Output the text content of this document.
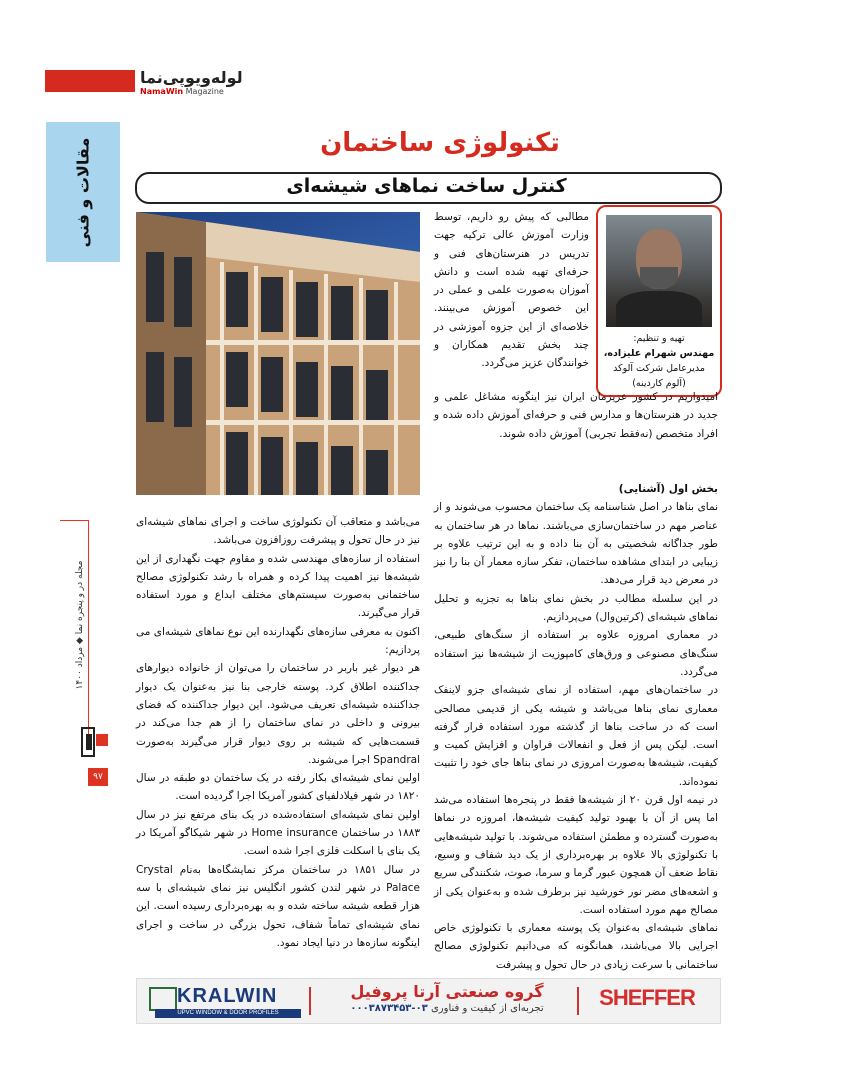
لوله‌ویوپی‌نما
NamaWin Magazine
مقالات و فنی
مجله در و پنجره نما ◆ مرداد ۱۴۰۰
۹۷
تکنولوژی ساختمان
کنترل ساخت نماهای شیشه‌ای
تهیه و تنظیم:
مهندس شهرام علیزاده،
مدیرعامل شرکت آلوکد
(آلوم کاردینه)

مطالبی که پیش رو داریم، توسط وزارت آموزش عالی ترکیه جهت تدریس در هنرستان‌های فنی و حرفه‌ای تهیه شده است و دانش آموزان به‌صورت علمی و عملی در این خصوص آموزش می‌بینند. خلاصه‌ای از این جزوه آموزشی در چند بخش تقدیم همکاران و خوانندگان عزیز می‌گردد.

امیدواریم در کشور عزیزمان ایران نیز اینگونه مشاغل علمی و جدید در هنرستان‌ها و مدارس فنی و حرفه‌ای آموزش داده شده و افراد متخصص (نه‌فقط تجربی) آموزش داده شوند.

بخش اول (آشنایی)

نمای بناها در اصل شناسنامه یک ساختمان محسوب می‌شوند و از عناصر مهم در ساختمان‌سازی می‌باشند. نماها در هر ساختمان به طور جداگانه شخصیتی به آن بنا داده و به این ترتیب علاوه بر زیبایی در ابتدای مشاهده ساختمان، تفکر سازه معمار آن بنا را نیز در معرض دید قرار می‌دهد.

در این سلسله مطالب در بخش نمای بناها به تجزیه و تحلیل نماهای شیشه‌ای (کرتین‌وال) می‌پردازیم.

در معماری امروزه علاوه بر استفاده از سنگ‌های طبیعی، سنگ‌های مصنوعی و ورق‌های کامپوزیت از شیشه‌ها نیز استفاده می‌گردد.

در ساختمان‌های مهم، استفاده از نمای شیشه‌ای جزو لاینفک معماری نمای بناها می‌باشد و شیشه یکی از قدیمی مصالحی است که در ساخت بناها از گذشته مورد استفاده قرار گرفته است. لیکن پس از فعل و انفعالات فراوان و افزایش کمیت و کیفیت، شیشه‌ها به‌صورت امروزی در نمای بناها جای خود را تثبیت نموده‌اند.

در نیمه اول قرن ۲۰ از شیشه‌ها فقط در پنجره‌ها استفاده می‌شد اما پس از آن با بهبود تولید کیفیت شیشه‌ها، امروزه در نماها به‌صورت گسترده و مطمئن استفاده می‌شوند. با تولید شیشه‌هایی با تکنولوژی بالا علاوه بر بهره‌برداری از یک دید شفاف و وسیع، نقاط ضعف آن همچون عبور گرما و سرما، صوت، شکنندگی سریع و اشعه‌های مضر نور خورشید نیز برطرف شده و به‌عنوان یکی از مصالح مهم مورد استفاده است.

نماهای شیشه‌ای به‌عنوان یک پوسته معماری با تکنولوژی خاص اجرایی بالا می‌باشند، همانگونه که می‌دانیم تکنولوژی مصالح ساختمانی با سرعت زیادی در حال تحول و پیشرفت

می‌باشد و متعاقب آن تکنولوژی ساخت و اجرای نماهای شیشه‌ای نیز در حال تحول و پیشرفت روزافزون می‌باشد.

استفاده از سازه‌های مهندسی شده و مقاوم جهت نگهداری از این شیشه‌ها نیز اهمیت پیدا کرده و همراه با رشد تکنولوژی مصالح ساختمانی به‌صورت سیستم‌های مختلف ابداع و مورد استفاده قرار می‌گیرند.

اکنون به معرفی سازه‌های نگهدارنده این نوع نماهای شیشه‌ای می پردازیم:

هر دیوار غیر باربر در ساختمان را می‌توان از خانواده دیوارهای جداکننده اطلاق کرد. پوسته خارجی بنا نیز به‌عنوان یک دیوار جداکننده شیشه‌ای تعریف می‌شود. این دیوار جداکننده که فضای بیرونی و داخلی در نمای ساختمان را از هم جدا می‌کند در قسمت‌هایی که شیشه بر روی دیوار قرار می‌گیرند به‌صورت Spandral اجرا می‌شوند.

اولین نمای شیشه‌ای بکار رفته در یک ساختمان دو طبقه در سال ۱۸۲۰ در شهر فیلادلفیای کشور آمریکا اجرا گردیده است.

اولین نمای شیشه‌ای استفاده‌شده در یک بنای مرتفع نیز در سال ۱۸۸۳ در ساختمان Home insurance در شهر شیکاگو آمریکا در یک بنای با اسکلت فلزی اجرا شده است.

در سال ۱۸۵۱ در ساختمان مرکز نمایشگاه‌ها به‌نام Crystal Palace در شهر لندن کشور انگلیس نیز نمای شیشه‌ای با سه هزار قطعه شیشه ساخته شده و به بهره‌برداری رسیده است. این نمای شیشه‌ای تماماً شفاف، تحول بزرگی در ساخت و اجرای اینگونه سازه‌ها در دنیا ایجاد نمود.

KRALWIN
UPVC WINDOW & DOOR PROFILES
گروه صنعتی آرتا پروفیل
تجربه‌ای از کیفیت و فناوری ۰۳-۰۰۰۳۸۷۳۴۵۳	SHEFFER
